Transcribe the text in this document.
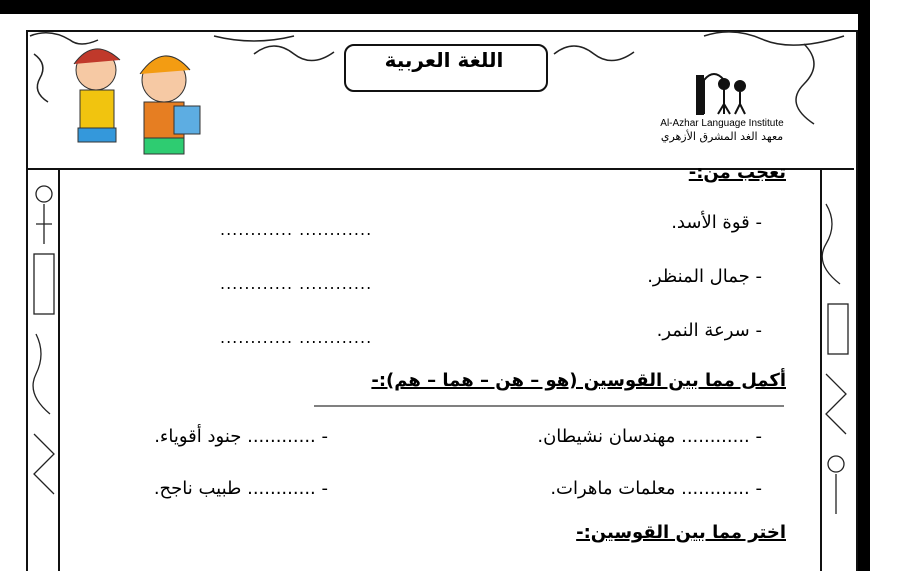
اللغة العربية
Al-Azhar Language Institute
معهد الغد المشرق الأزهري
تعجب من:-
- قوة الأسد.
............ ............
- جمال المنظر.
............ ............
- سرعة النمر.
............ ............
أكمل مما بين القوسين (هو – هن – هما – هم):-
- ............ مهندسان نشيطان.
- ............ جنود أقوياء.
- ............ معلمات ماهرات.
- ............ طبيب ناجح.
اختر مما بين القوسين:-
